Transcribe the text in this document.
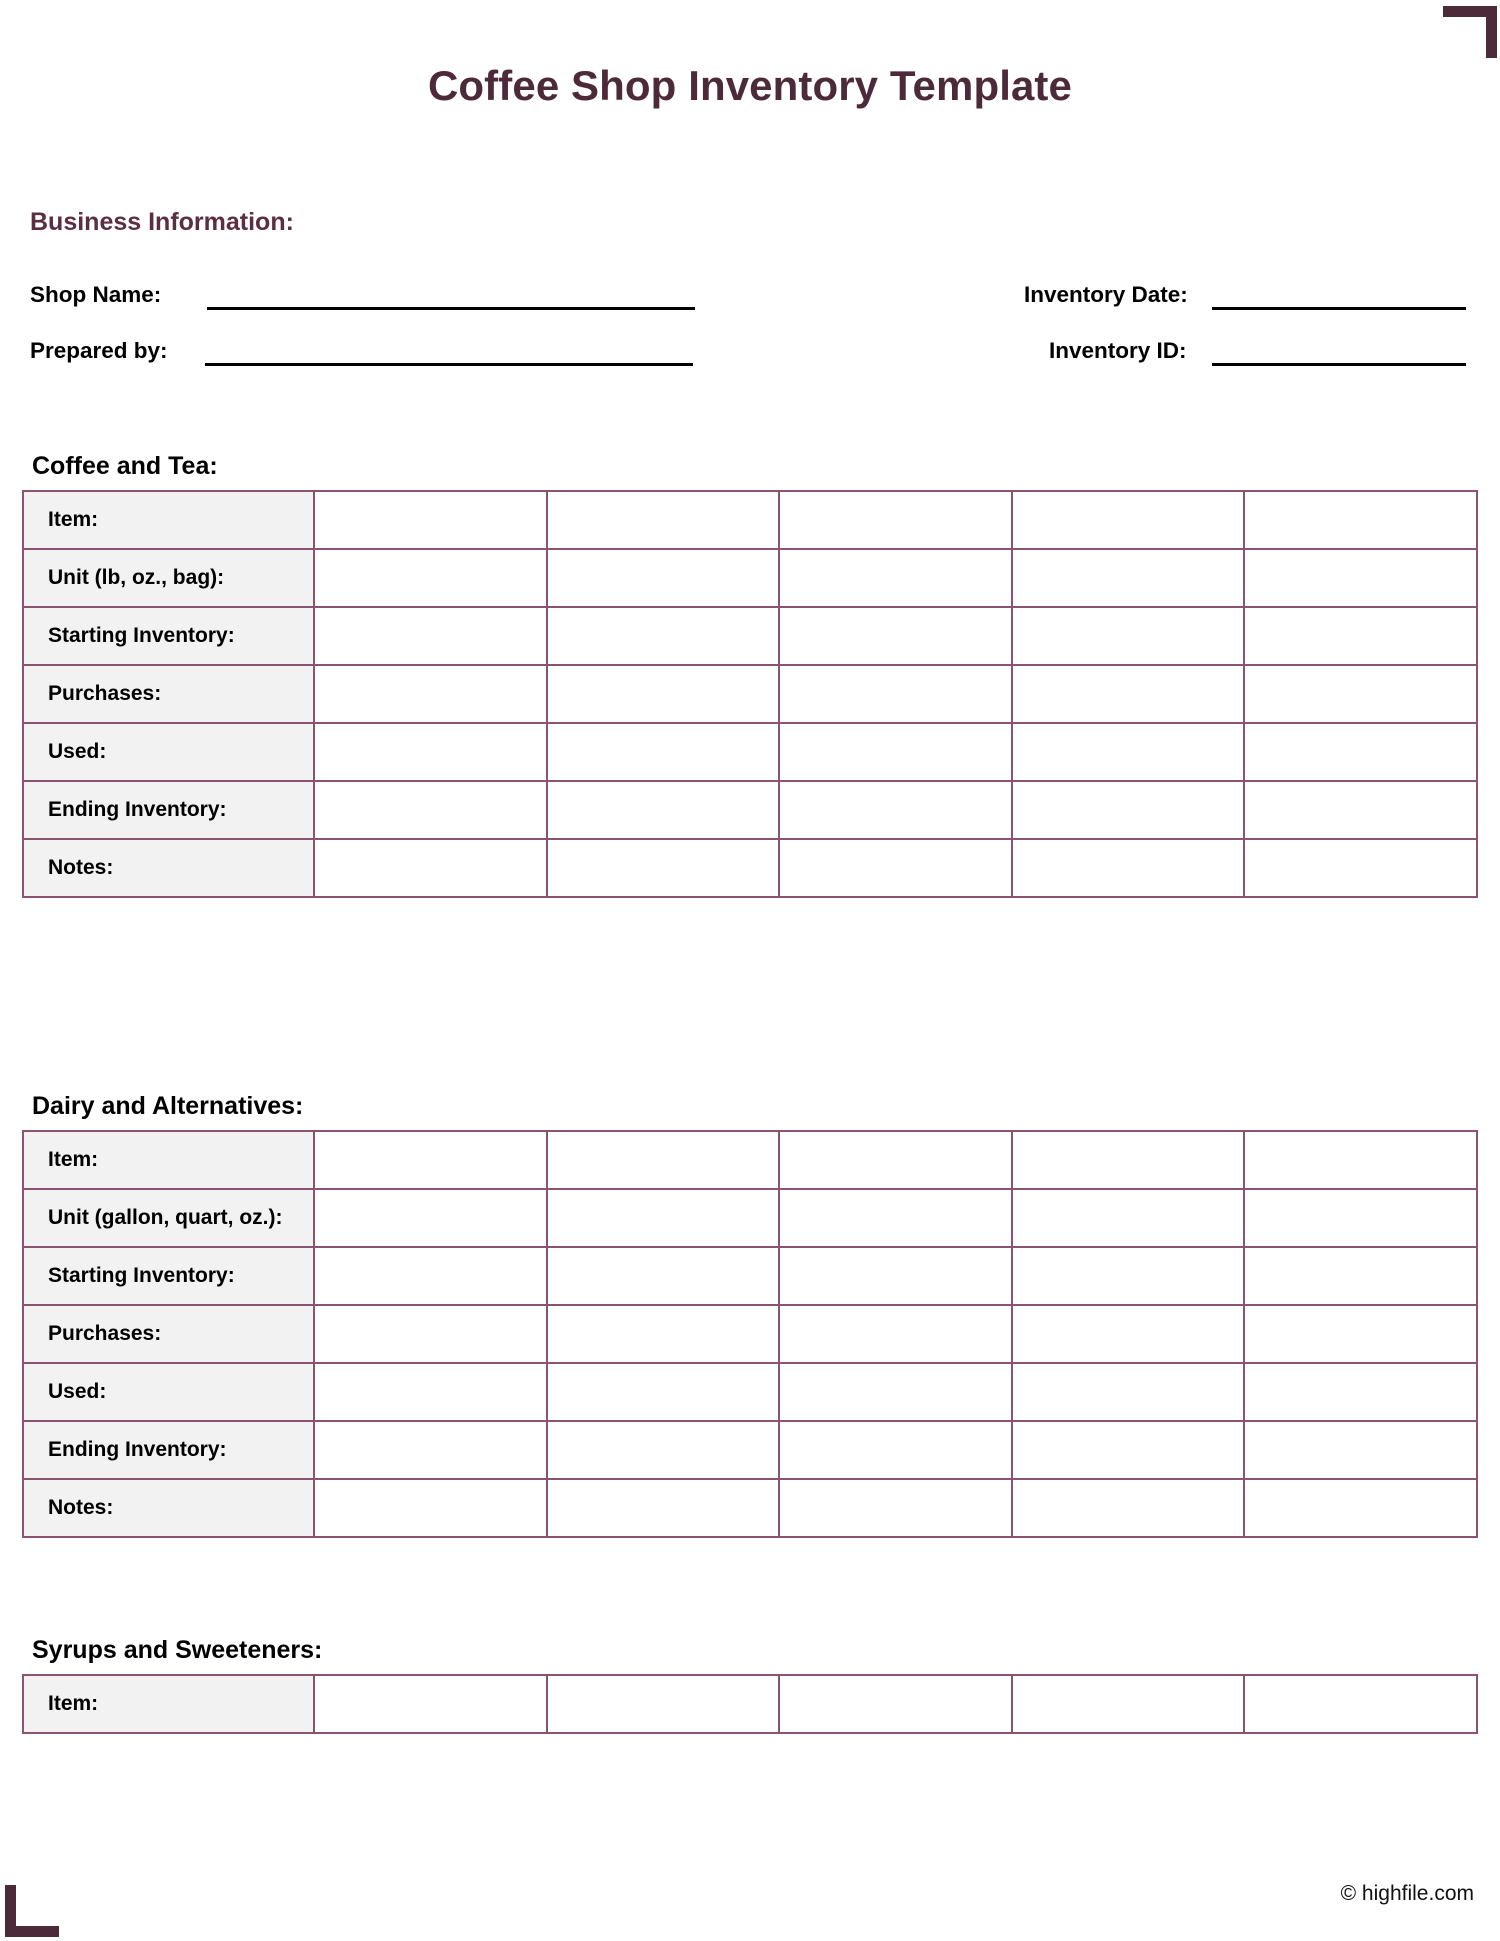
Coffee Shop Inventory Template
Business Information:
Shop Name:	Inventory Date:
Prepared by:	Inventory ID:
Coffee and Tea:
Item:					
Unit (lb, oz., bag):					
Starting Inventory:					
Purchases:					
Used:					
Ending Inventory:					
Notes:					
Dairy and Alternatives:
Item:					
Unit (gallon, quart, oz.):					
Starting Inventory:					
Purchases:					
Used:					
Ending Inventory:					
Notes:					
Syrups and Sweeteners:
Item:					
© highfile.com
